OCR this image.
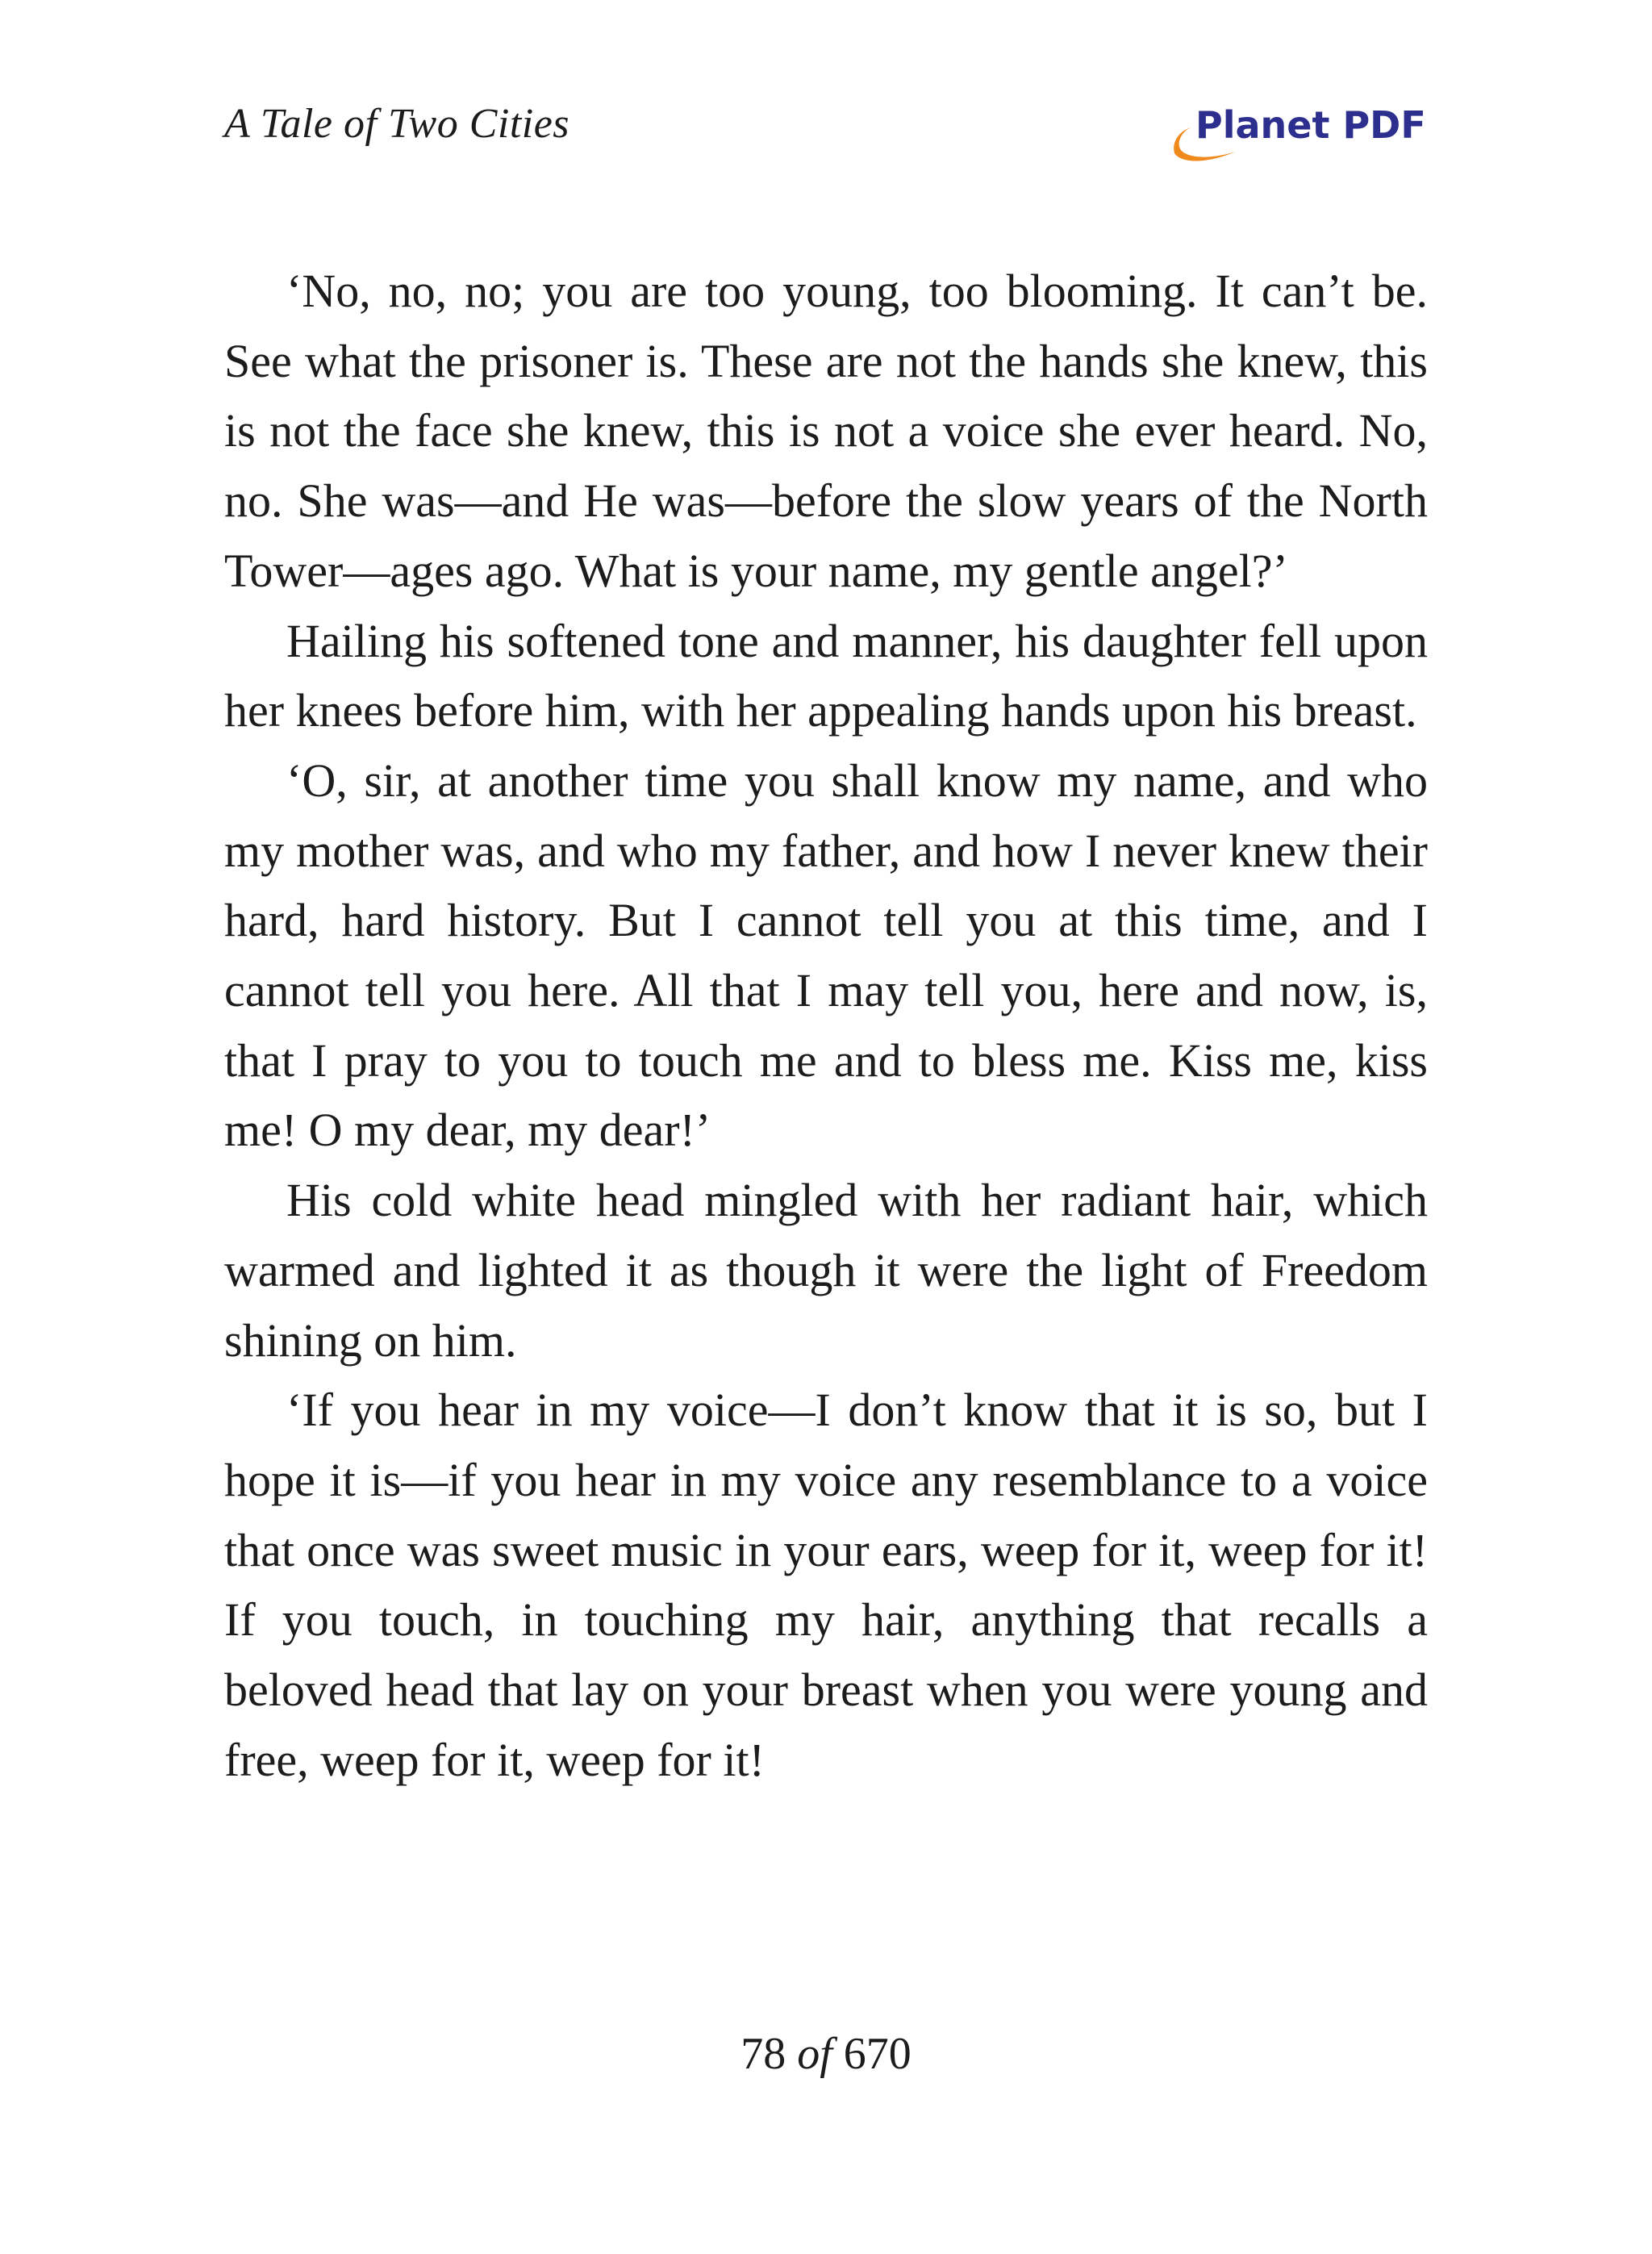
A Tale of Two Cities	Planet PDF

‘No, no, no; you are too young, too blooming. It can’t be. See what the prisoner is. These are not the hands she knew, this is not the face she knew, this is not a voice she ever heard. No, no. She was—and He was—before the slow years of the North Tower—ages ago. What is your name, my gentle angel?’

Hailing his softened tone and manner, his daughter fell upon her knees before him, with her appealing hands upon his breast.

‘O, sir, at another time you shall know my name, and who my mother was, and who my father, and how I never knew their hard, hard history. But I cannot tell you at this time, and I cannot tell you here. All that I may tell you, here and now, is, that I pray to you to touch me and to bless me. Kiss me, kiss me! O my dear, my dear!’

His cold white head mingled with her radiant hair, which warmed and lighted it as though it were the light of Freedom shining on him.

‘If you hear in my voice—I don’t know that it is so, but I hope it is—if you hear in my voice any resemblance to a voice that once was sweet music in your ears, weep for it, weep for it! If you touch, in touching my hair, anything that recalls a beloved head that lay on your breast when you were young and free, weep for it, weep for it!

78 of 670
